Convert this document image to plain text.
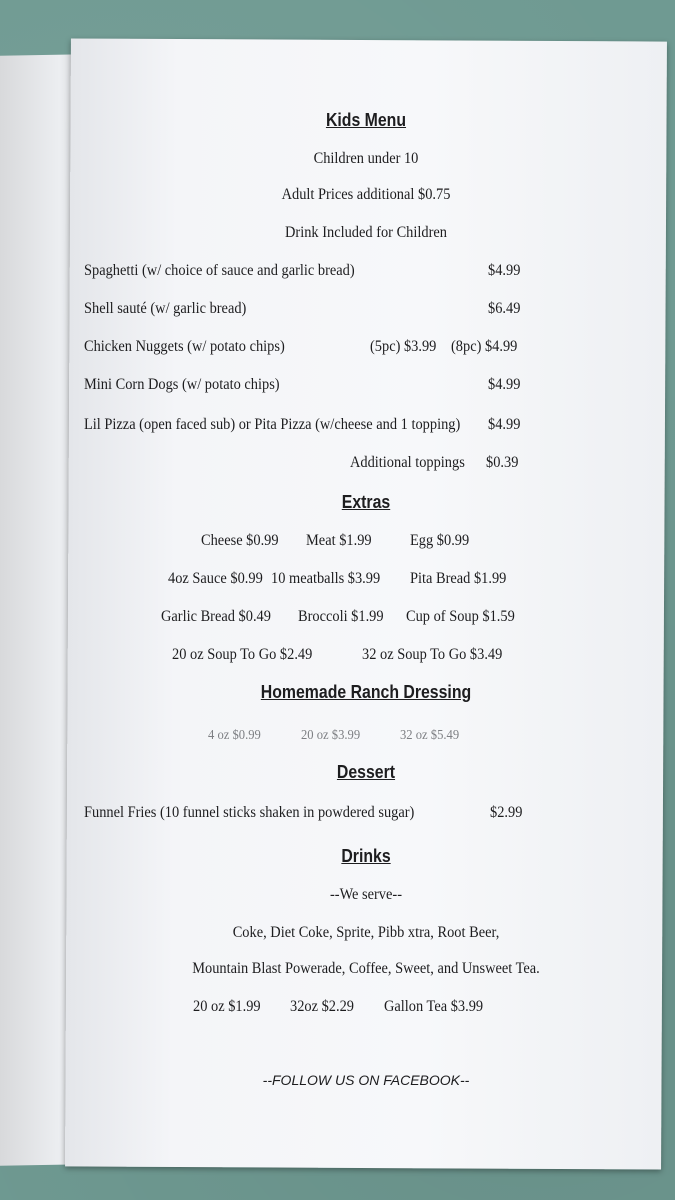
Kids Menu
Children under 10
Adult Prices additional $0.75
Drink Included for Children
Spaghetti (w/ choice of sauce and garlic bread)	$4.99
Shell sauté (w/ garlic bread)	$6.49
Chicken Nuggets (w/ potato chips)	(5pc) $3.99 (8pc) $4.99
Mini Corn Dogs (w/ potato chips)	$4.99
Lil Pizza (open faced sub) or Pita Pizza (w/cheese and 1 topping)	$4.99
Additional toppings $0.39
Extras
Cheese $0.99 Meat $1.99 Egg $0.99
4oz Sauce $0.99 10 meatballs $3.99 Pita Bread $1.99
Garlic Bread $0.49 Broccoli $1.99 Cup of Soup $1.59
20 oz Soup To Go $2.49	32 oz Soup To Go $3.49
Homemade Ranch Dressing
4 oz $0.99	20 oz $3.99	32 oz $5.49
Dessert
Funnel Fries (10 funnel sticks shaken in powdered sugar)	$2.99
Drinks
--We serve--
Coke, Diet Coke, Sprite, Pibb xtra, Root Beer,
Mountain Blast Powerade, Coffee, Sweet, and Unsweet Tea.
20 oz $1.99 32oz $2.29 Gallon Tea $3.99
--FOLLOW US ON FACEBOOK--
